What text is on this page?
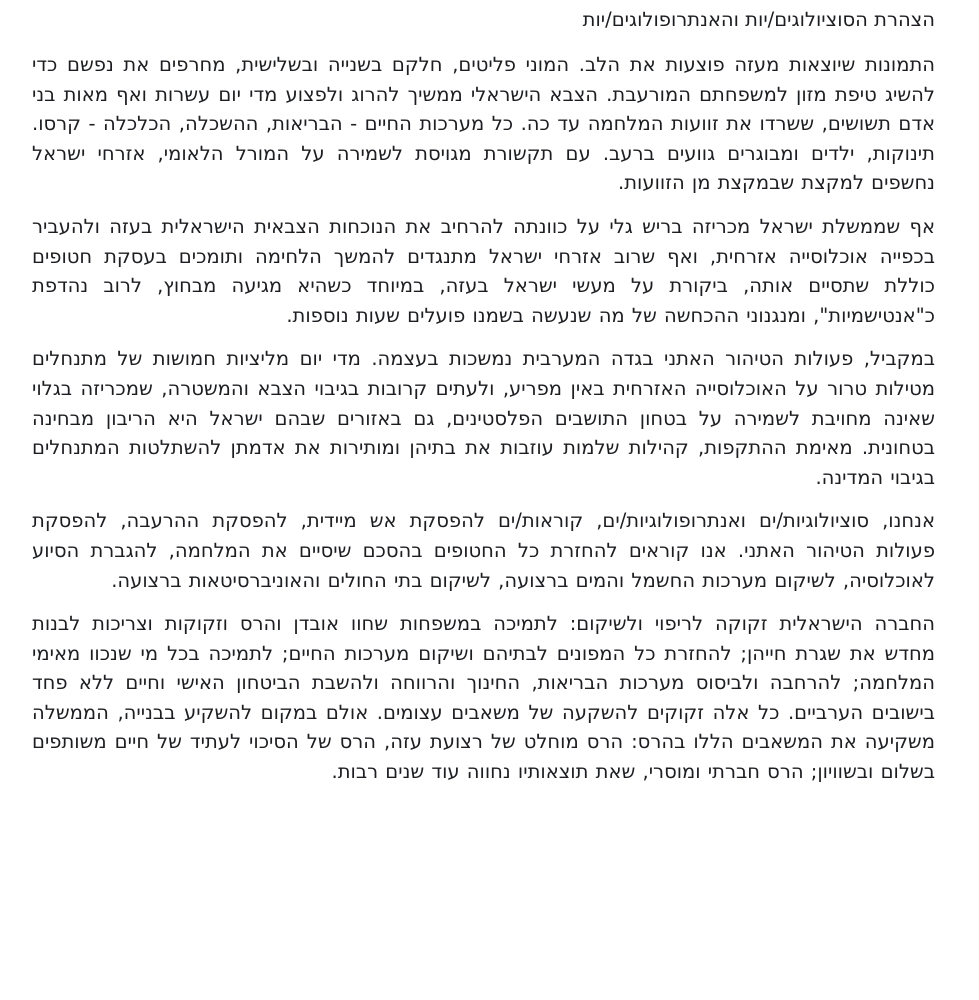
הצהרת הסוציולוגים/יות והאנתרופולוגים/יות

התמונות שיוצאות מעזה פוצעות את הלב. המוני פליטים, חלקם בשנייה ובשלישית, מחרפים את נפשם כדי להשיג טיפת מזון למשפחתם המורעבת. הצבא הישראלי ממשיך להרוג ולפצוע מדי יום עשרות ואף מאות בני אדם תשושים, ששרדו את זוועות המלחמה עד כה. כל מערכות החיים - הבריאות, ההשכלה, הכלכלה - קרסו. תינוקות, ילדים ומבוגרים גוועים ברעב. עם תקשורת מגויסת לשמירה על המורל הלאומי, אזרחי ישראל נחשפים למקצת שבמקצת מן הזוועות.

אף שממשלת ישראל מכריזה בריש גלי על כוונתה להרחיב את הנוכחות הצבאית הישראלית בעזה ולהעביר בכפייה אוכלוסייה אזרחית, ואף שרוב אזרחי ישראל מתנגדים להמשך הלחימה ותומכים בעסקת חטופים כוללת שתסיים אותה, ביקורת על מעשי ישראל בעזה, במיוחד כשהיא מגיעה מבחוץ, לרוב נהדפת כ"אנטישמיות", ומנגנוני ההכחשה של מה שנעשה בשמנו פועלים שעות נוספות.

במקביל, פעולות הטיהור האתני בגדה המערבית נמשכות בעצמה. מדי יום מליציות חמושות של מתנחלים מטילות טרור על האוכלוסייה האזרחית באין מפריע, ולעתים קרובות בגיבוי הצבא והמשטרה, שמכריזה בגלוי שאינה מחויבת לשמירה על בטחון התושבים הפלסטינים, גם באזורים שבהם ישראל היא הריבון מבחינה בטחונית. מאימת ההתקפות, קהילות שלמות עוזבות את בתיהן ומותירות את אדמתן להשתלטות המתנחלים בגיבוי המדינה.

אנחנו, סוציולוגיות/ים ואנתרופולוגיות/ים, קוראות/ים להפסקת אש מיידית, להפסקת ההרעבה, להפסקת פעולות הטיהור האתני. אנו קוראים להחזרת כל החטופים בהסכם שיסיים את המלחמה, להגברת הסיוע לאוכלוסיה, לשיקום מערכות החשמל והמים ברצועה, לשיקום בתי החולים והאוניברסיטאות ברצועה.

החברה הישראלית זקוקה לריפוי ולשיקום: לתמיכה במשפחות שחוו אובדן והרס וזקוקות וצריכות לבנות מחדש את שגרת חייהן; להחזרת כל המפונים לבתיהם ושיקום מערכות החיים; לתמיכה בכל מי שנכוו מאימי המלחמה; להרחבה ולביסוס מערכות הבריאות, החינוך והרווחה ולהשבת הביטחון האישי וחיים ללא פחד בישובים הערביים. כל אלה זקוקים להשקעה של משאבים עצומים. אולם במקום להשקיע בבנייה, הממשלה משקיעה את המשאבים הללו בהרס: הרס מוחלט של רצועת עזה, הרס של הסיכוי לעתיד של חיים משותפים בשלום ובשוויון; הרס חברתי ומוסרי, שאת תוצאותיו נחווה עוד שנים רבות.
